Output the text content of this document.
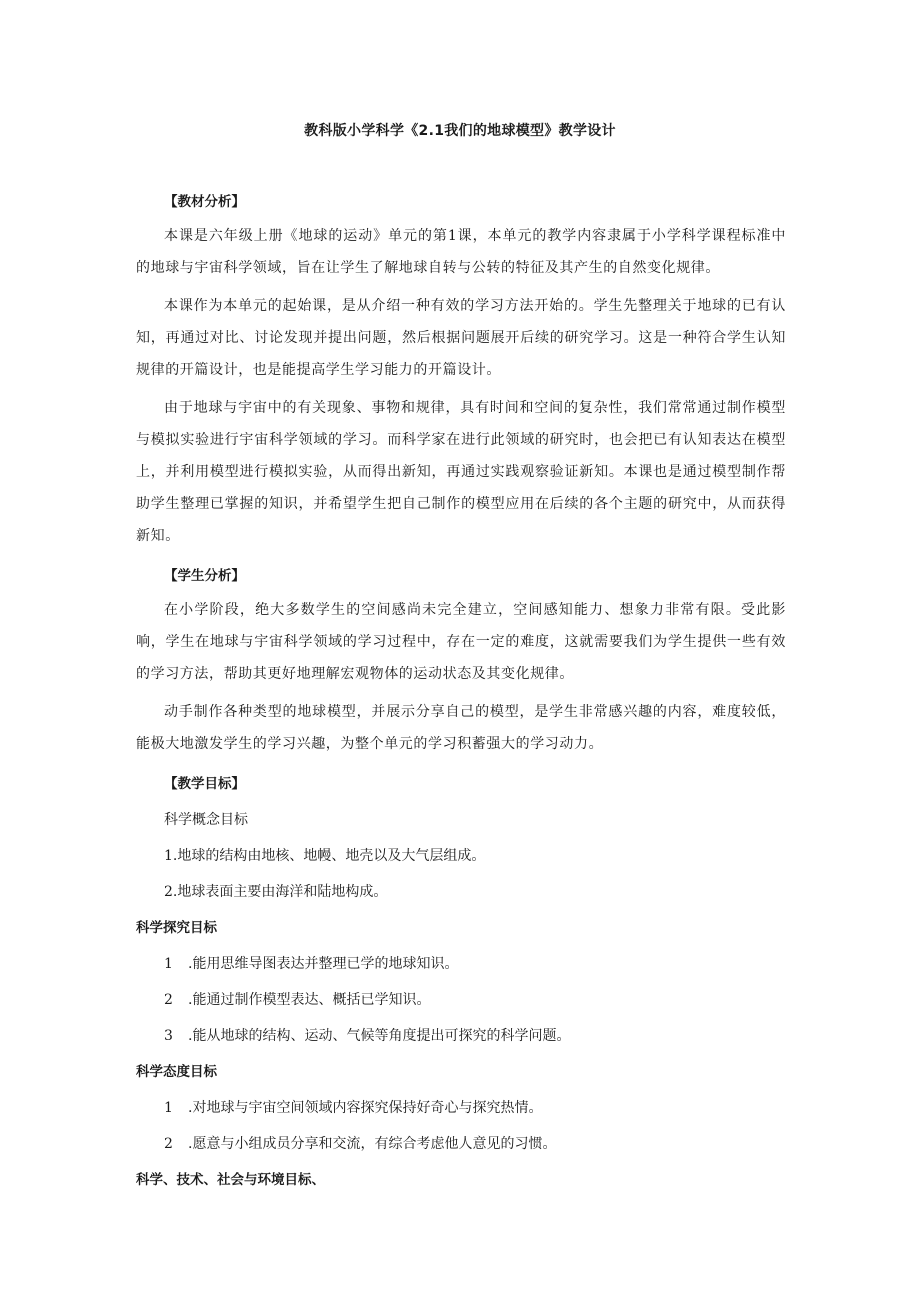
教科版小学科学《2.1我们的地球模型》教学设计
【教材分析】

本课是六年级上册《地球的运动》单元的第1课，本单元的教学内容隶属于小学科学课程标准中的地球与宇宙科学领域，旨在让学生了解地球自转与公转的特征及其产生的自然变化规律。

本课作为本单元的起始课，是从介绍一种有效的学习方法开始的。学生先整理关于地球的已有认知，再通过对比、讨论发现并提出问题，然后根据问题展开后续的研究学习。这是一种符合学生认知规律的开篇设计，也是能提高学生学习能力的开篇设计。

由于地球与宇宙中的有关现象、事物和规律，具有时间和空间的复杂性，我们常常通过制作模型与模拟实验进行宇宙科学领域的学习。而科学家在进行此领域的研究时，也会把已有认知表达在模型上，并利用模型进行模拟实验，从而得出新知，再通过实践观察验证新知。本课也是通过模型制作帮助学生整理已掌握的知识，并希望学生把自己制作的模型应用在后续的各个主题的研究中，从而获得新知。

【学生分析】

在小学阶段，绝大多数学生的空间感尚未完全建立，空间感知能力、想象力非常有限。受此影响，学生在地球与宇宙科学领域的学习过程中，存在一定的难度，这就需要我们为学生提供一些有效的学习方法，帮助其更好地理解宏观物体的运动状态及其变化规律。

动手制作各种类型的地球模型，并展示分享自己的模型，是学生非常感兴趣的内容，难度较低，能极大地激发学生的学习兴趣，为整个单元的学习积蓄强大的学习动力。

【教学目标】
科学概念目标
1.地球的结构由地核、地幔、地壳以及大气层组成。
2.地球表面主要由海洋和陆地构成。
科学探究目标
1 .能用思维导图表达并整理已学的地球知识。
2 .能通过制作模型表达、概括已学知识。
3 .能从地球的结构、运动、气候等角度提出可探究的科学问题。
科学态度目标
1 .对地球与宇宙空间领域内容探究保持好奇心与探究热情。
2 .愿意与小组成员分享和交流，有综合考虑他人意见的习惯。
科学、技术、社会与环境目标、
